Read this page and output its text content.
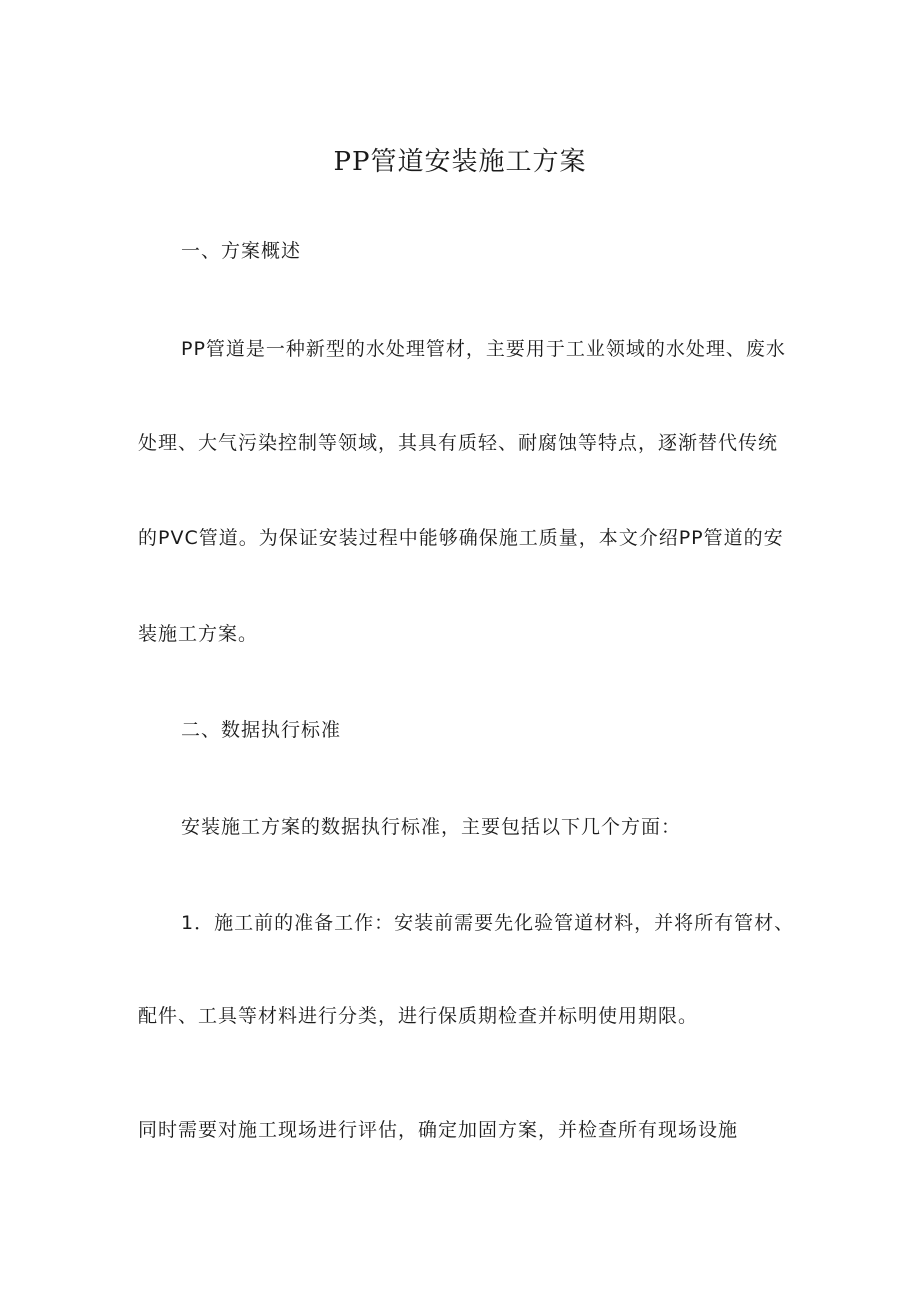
PP管道安装施工方案
一、方案概述
PP管道是一种新型的水处理管材，主要用于工业领域的水处理、废水
处理、大气污染控制等领域，其具有质轻、耐腐蚀等特点，逐渐替代传统
的PVC管道。为保证安装过程中能够确保施工质量，本文介绍PP管道的安
装施工方案。
二、数据执行标准
安装施工方案的数据执行标准，主要包括以下几个方面：
1．施工前的准备工作：安装前需要先化验管道材料，并将所有管材、
配件、工具等材料进行分类，进行保质期检查并标明使用期限。
同时需要对施工现场进行评估，确定加固方案，并检查所有现场设施
